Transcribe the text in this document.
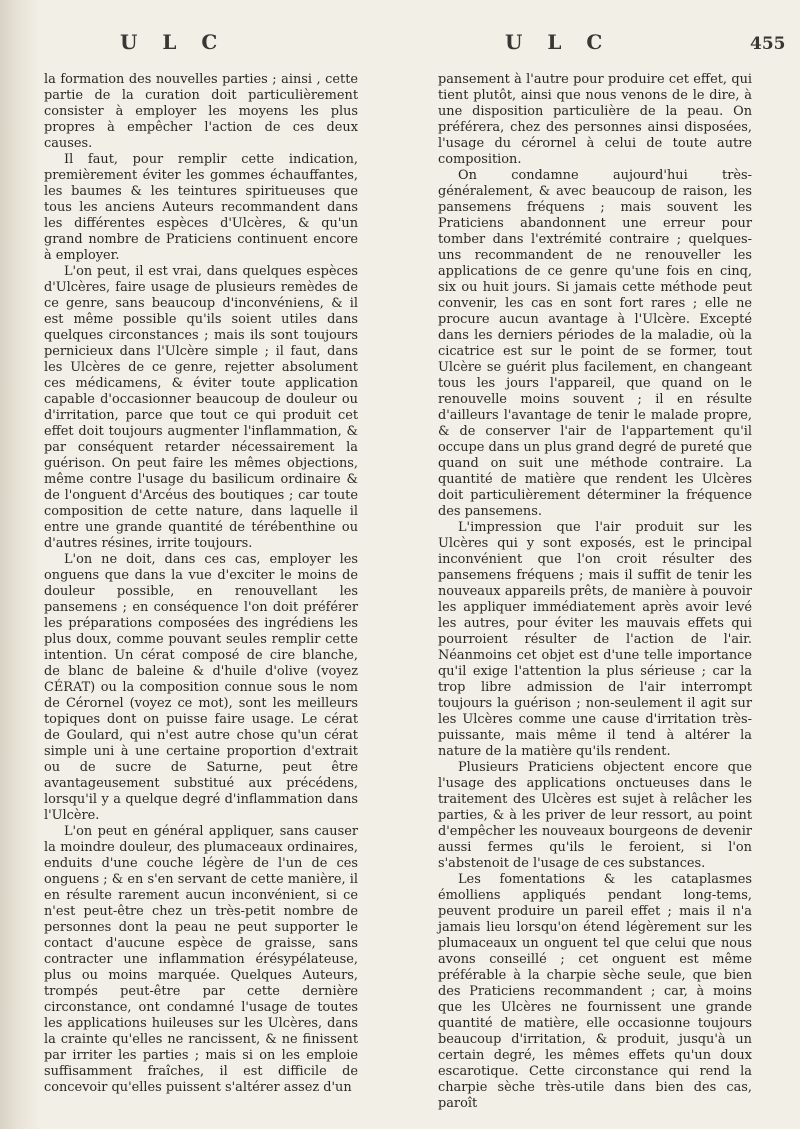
U L C	U L C	455

la formation des nouvelles parties ; ainsi , cette partie de la curation doit particulièrement consister à employer les moyens les plus propres à empêcher l'action de ces deux causes.

Il faut, pour remplir cette indication, premièrement éviter les gommes échauffantes, les baumes & les teintures spiritueuses que tous les anciens Auteurs recommandent dans les différentes espèces d'Ulcères, & qu'un grand nombre de Praticiens continuent encore à employer.

L'on peut, il est vrai, dans quelques espèces d'Ulcères, faire usage de plusieurs remèdes de ce genre, sans beaucoup d'inconvéniens, & il est même possible qu'ils soient utiles dans quelques circonstances ; mais ils sont toujours pernicieux dans l'Ulcère simple ; il faut, dans les Ulcères de ce genre, rejetter absolument ces médicamens, & éviter toute application capable d'occasionner beaucoup de douleur ou d'irritation, parce que tout ce qui produit cet effet doit toujours augmenter l'inflammation, & par conséquent retarder nécessairement la guérison. On peut faire les mêmes objections, même contre l'usage du basilicum ordinaire & de l'onguent d'Arcéus des boutiques ; car toute composition de cette nature, dans laquelle il entre une grande quantité de térébenthine ou d'autres résines, irrite toujours.

L'on ne doit, dans ces cas, employer les onguens que dans la vue d'exciter le moins de douleur possible, en renouvellant les pansemens ; en conséquence l'on doit préférer les préparations composées des ingrédiens les plus doux, comme pouvant seules remplir cette intention. Un cérat composé de cire blanche, de blanc de baleine & d'huile d'olive (voyez CÉRAT) ou la composition connue sous le nom de Cérornel (voyez ce mot), sont les meilleurs topiques dont on puisse faire usage. Le cérat de Goulard, qui n'est autre chose qu'un cérat simple uni à une certaine proportion d'extrait ou de sucre de Saturne, peut être avantageusement substitué aux précédens, lorsqu'il y a quelque degré d'inflammation dans l'Ulcère.

L'on peut en général appliquer, sans causer la moindre douleur, des plumaceaux ordinaires, enduits d'une couche légère de l'un de ces onguens ; & en s'en servant de cette manière, il en résulte rarement aucun inconvénient, si ce n'est peut-être chez un très-petit nombre de personnes dont la peau ne peut supporter le contact d'aucune espèce de graisse, sans contracter une inflammation érésypélateuse, plus ou moins marquée. Quelques Auteurs, trompés peut-être par cette dernière circonstance, ont condamné l'usage de toutes les applications huileuses sur les Ulcères, dans la crainte qu'elles ne rancissent, & ne finissent par irriter les parties ; mais si on les emploie suffisamment fraîches, il est difficile de concevoir qu'elles puissent s'altérer assez d'un

pansement à l'autre pour produire cet effet, qui tient plutôt, ainsi que nous venons de le dire, à une disposition particulière de la peau. On préférera, chez des personnes ainsi disposées, l'usage du cérornel à celui de toute autre composition.

On condamne aujourd'hui très-généralement, & avec beaucoup de raison, les pansemens fréquens ; mais souvent les Praticiens abandonnent une erreur pour tomber dans l'extrémité contraire ; quelques-uns recommandent de ne renouveller les applications de ce genre qu'une fois en cinq, six ou huit jours. Si jamais cette méthode peut convenir, les cas en sont fort rares ; elle ne procure aucun avantage à l'Ulcère. Excepté dans les derniers périodes de la maladie, où la cicatrice est sur le point de se former, tout Ulcère se guérit plus facilement, en changeant tous les jours l'appareil, que quand on le renouvelle moins souvent ; il en résulte d'ailleurs l'avantage de tenir le malade propre, & de conserver l'air de l'appartement qu'il occupe dans un plus grand degré de pureté que quand on suit une méthode contraire. La quantité de matière que rendent les Ulcères doit particulièrement déterminer la fréquence des pansemens.

L'impression que l'air produit sur les Ulcères qui y sont exposés, est le principal inconvénient que l'on croit résulter des pansemens fréquens ; mais il suffit de tenir les nouveaux appareils prêts, de manière à pouvoir les appliquer immédiatement après avoir levé les autres, pour éviter les mauvais effets qui pourroient résulter de l'action de l'air. Néanmoins cet objet est d'une telle importance qu'il exige l'attention la plus sérieuse ; car la trop libre admission de l'air interrompt toujours la guérison ; non-seulement il agit sur les Ulcères comme une cause d'irritation très-puissante, mais même il tend à altérer la nature de la matière qu'ils rendent.

Plusieurs Praticiens objectent encore que l'usage des applications onctueuses dans le traitement des Ulcères est sujet à relâcher les parties, & à les priver de leur ressort, au point d'empêcher les nouveaux bourgeons de devenir aussi fermes qu'ils le feroient, si l'on s'abstenoit de l'usage de ces substances.

Les fomentations & les cataplasmes émolliens appliqués pendant long-tems, peuvent produire un pareil effet ; mais il n'a jamais lieu lorsqu'on étend légèrement sur les plumaceaux un onguent tel que celui que nous avons conseillé ; cet onguent est même préférable à la charpie sèche seule, que bien des Praticiens recommandent ; car, à moins que les Ulcères ne fournissent une grande quantité de matière, elle occasionne toujours beaucoup d'irritation, & produit, jusqu'à un certain degré, les mêmes effets qu'un doux escarotique. Cette circonstance qui rend la charpie sèche très-utile dans bien des cas, paroît
